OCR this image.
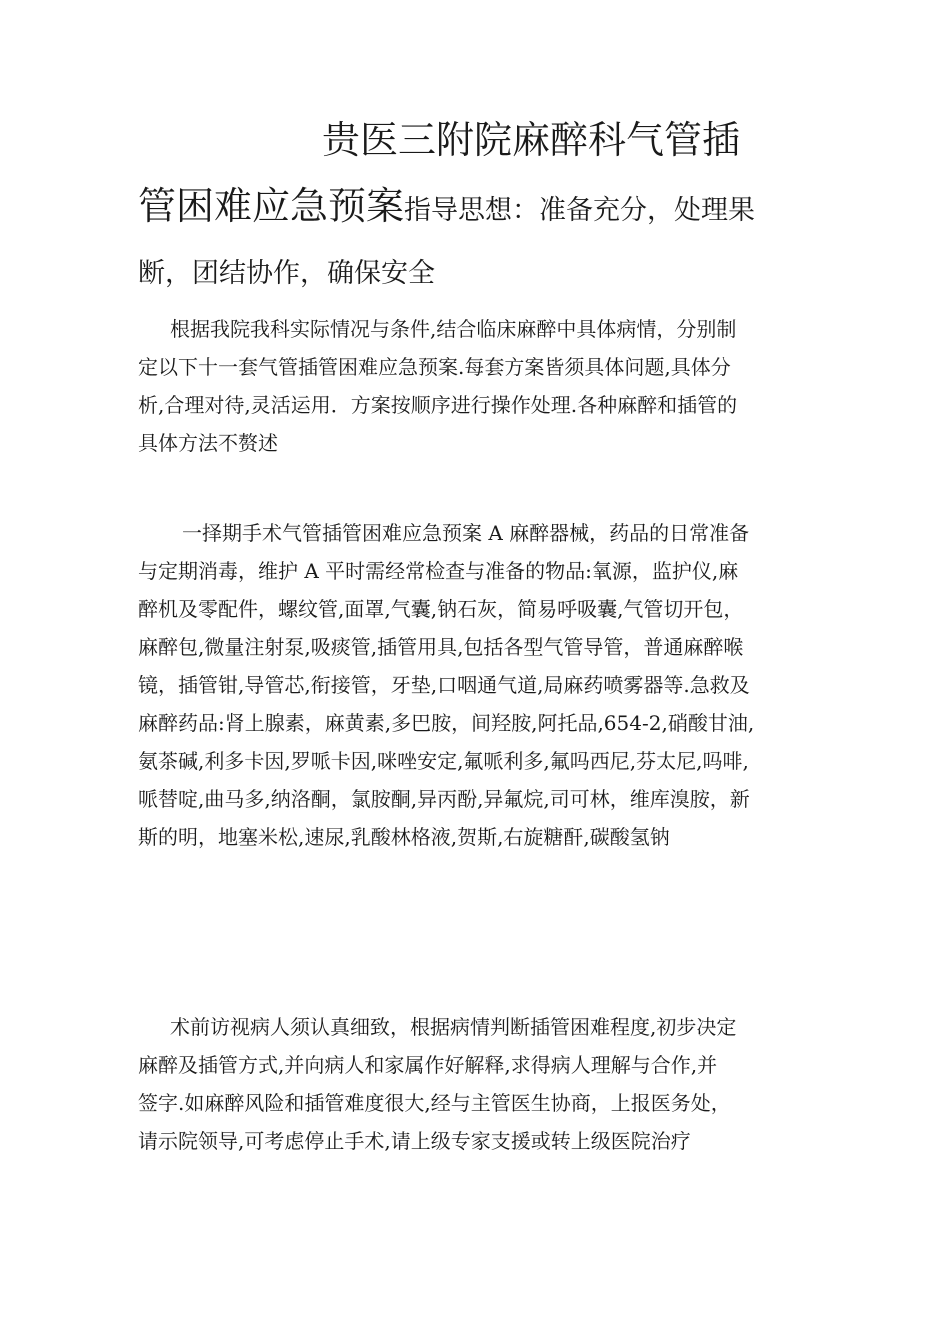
贵医三附院麻醉科气管插
管困难应急预案指导思想：准备充分，处理果
断，团结协作，确保安全
根据我院我科实际情况与条件,结合临床麻醉中具体病情，分别制
定以下十一套气管插管困难应急预案.每套方案皆须具体问题,具体分
析,合理对待,灵活运用．方案按顺序进行操作处理.各种麻醉和插管的
具体方法不赘述
一择期手术气管插管困难应急预案 A 麻醉器械，药品的日常准备
与定期消毒，维护 A 平时需经常检查与准备的物品:氧源，监护仪,麻
醉机及零配件，螺纹管,面罩,气囊,钠石灰，简易呼吸囊,气管切开包，
麻醉包,微量注射泵,吸痰管,插管用具,包括各型气管导管，普通麻醉喉
镜，插管钳,导管芯,衔接管，牙垫,口咽通气道,局麻药喷雾器等.急救及
麻醉药品:肾上腺素，麻黄素,多巴胺，间羟胺,阿托品,654-2,硝酸甘油,
氨茶碱,利多卡因,罗哌卡因,咪唑安定,氟哌利多,氟吗西尼,芬太尼,吗啡,
哌替啶,曲马多,纳洛酮，氯胺酮,异丙酚,异氟烷,司可林，维库溴胺，新
斯的明，地塞米松,速尿,乳酸林格液,贺斯,右旋糖酐,碳酸氢钠
术前访视病人须认真细致，根据病情判断插管困难程度,初步决定
麻醉及插管方式,并向病人和家属作好解释,求得病人理解与合作,并
签字.如麻醉风险和插管难度很大,经与主管医生协商，上报医务处，
请示院领导,可考虑停止手术,请上级专家支援或转上级医院治疗
